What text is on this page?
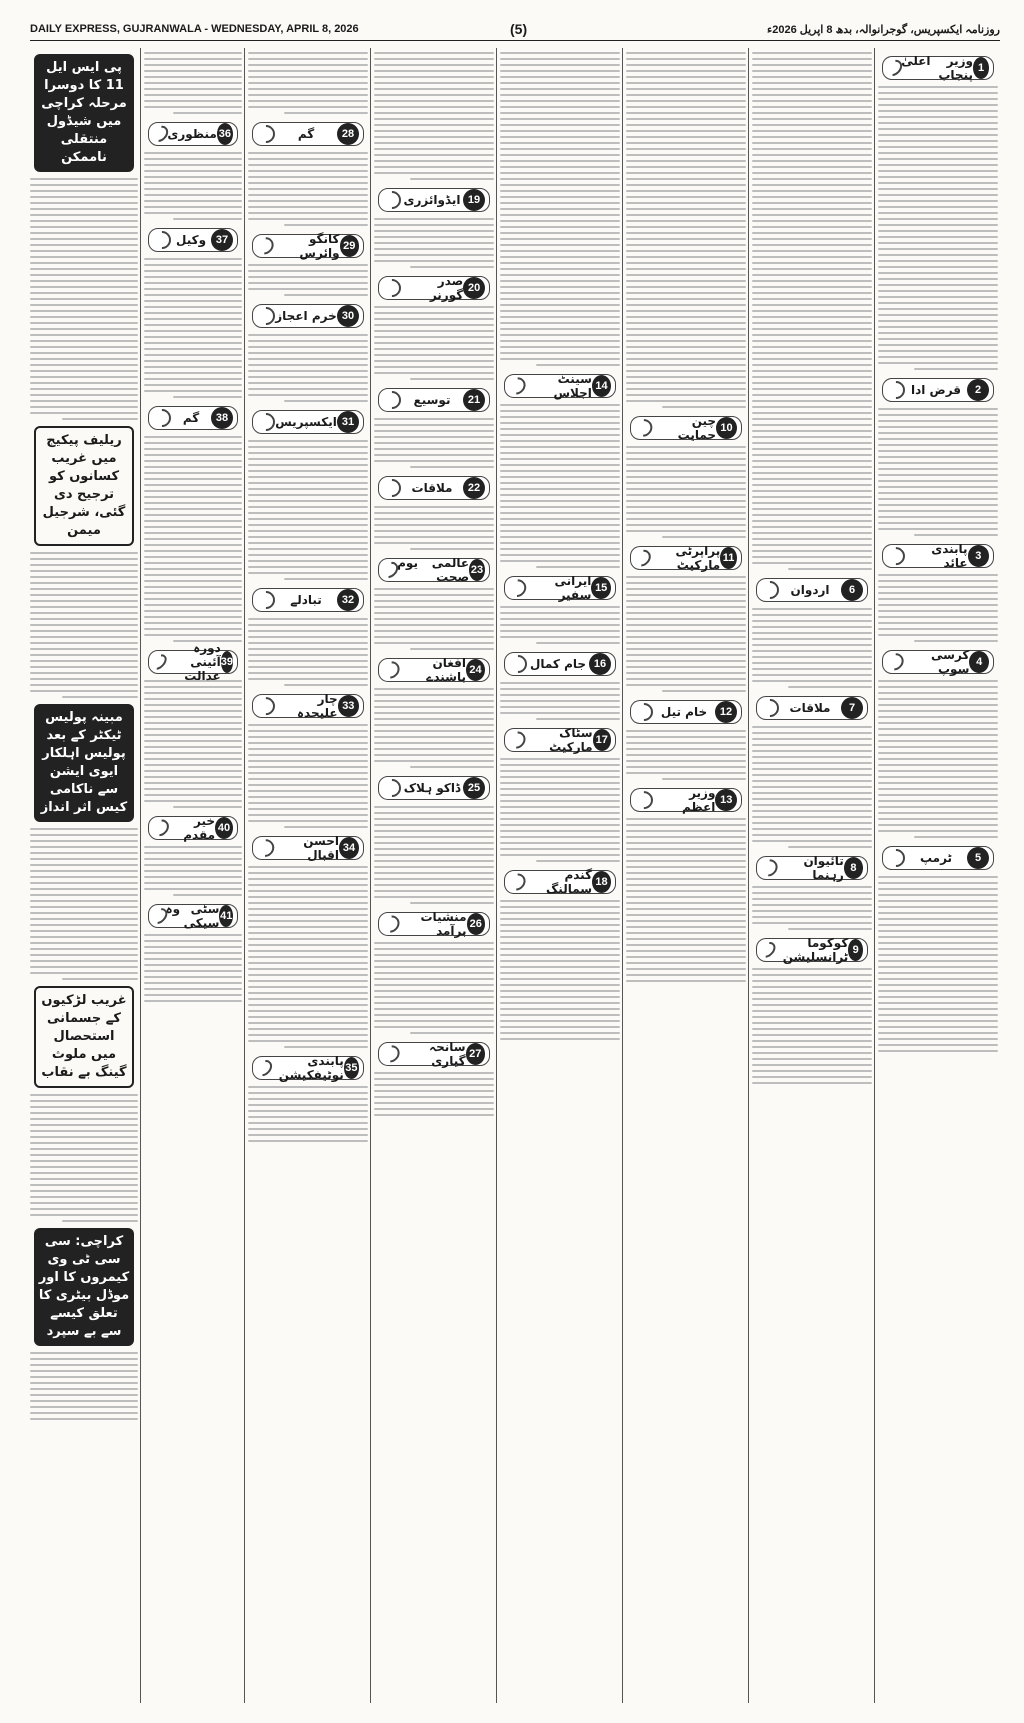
DAILY EXPRESS, GUJRANWALA - WEDNESDAY, APRIL 8, 2026	(5)	روزنامہ ایکسپریس، گوجرانوالہ، بدھ 8 اپریل 2026ء
1
وزیر اعلیٰ پنجاب
2
قرض ادا
3
پابندی عائد
4
کرسی سوپ
5
ٹرمپ
6
اردوان
7
ملاقات
8
تائیوان رہنما
9
کوکوما ٹرانسلیشن
10
چین حمایت
11
پراپرٹی مارکیٹ
12
خام تیل
13
وزیر اعظم
14
سینٹ اجلاس
15
ایرانی سفیر
16
جام کمال
17
سٹاک مارکیٹ
18
گندم سمالنگ
19
ایڈوائزری
20
صدر گورنر
21
توسیع
22
ملاقات
23
عالمی یوم صحت
24
افغان باشندے
25
ڈاکو ہلاک
26
منشیات برآمد
27
سانحہ گیاری
28
گم
29
کانگو وائرس
30
خرم اعجاز
31
ایکسپریس
32
تبادلے
33
چار علیحدہ
34
احسن اقبال
35
پابندی نوٹیفکیشن
36
منظوری
37
وکیل
38
گم
39
دورہ آئینی عدالت
40
خیر مقدم
41
سٹی وہ سیکی
پی ایس ایل 11 کا دوسرا مرحلہ کراچی میں شیڈول منتقلی ناممکن
ریلیف پیکیج میں غریب کسانوں کو ترجیح دی گئی، شرجیل میمن
مبینہ پولیس ٹیکٹر کے بعد پولیس اہلکار ایوی ایشن سے ناکامی کیس اثر انداز
غریب لڑکیوں کے جسمانی استحصال میں ملوث گینگ بے نقاب
کراچی: سی سی ٹی وی کیمروں کا اور موڈل بیٹری کا تعلق کیسے سے بے سپرد
